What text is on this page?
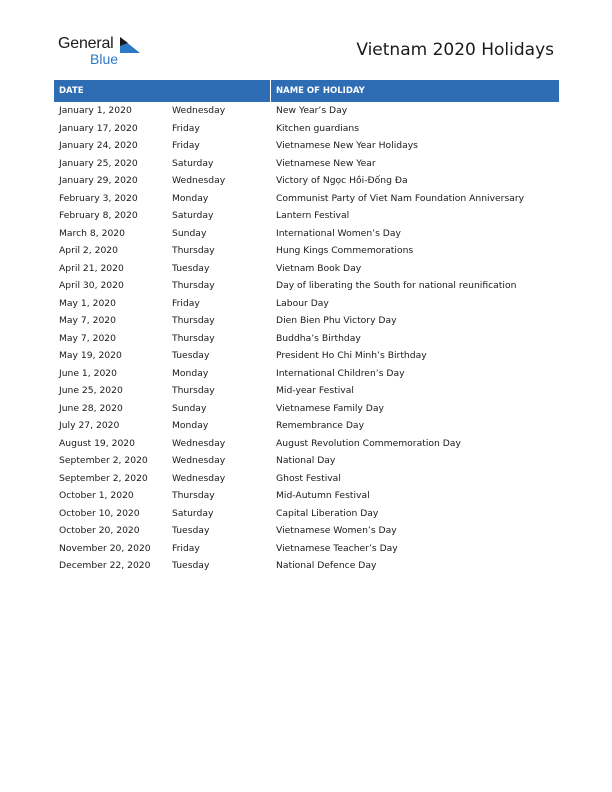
General
Blue	Vietnam 2020 Holidays
DATE	NAME OF HOLIDAY
January 1, 2020	Wednesday	New Year’s Day
January 17, 2020	Friday	Kitchen guardians
January 24, 2020	Friday	Vietnamese New Year Holidays
January 25, 2020	Saturday	Vietnamese New Year
January 29, 2020	Wednesday	Victory of Ngọc Hồi-Đống Đa
February 3, 2020	Monday	Communist Party of Viet Nam Foundation Anniversary
February 8, 2020	Saturday	Lantern Festival
March 8, 2020	Sunday	International Women’s Day
April 2, 2020	Thursday	Hung Kings Commemorations
April 21, 2020	Tuesday	Vietnam Book Day
April 30, 2020	Thursday	Day of liberating the South for national reunification
May 1, 2020	Friday	Labour Day
May 7, 2020	Thursday	Dien Bien Phu Victory Day
May 7, 2020	Thursday	Buddha’s Birthday
May 19, 2020	Tuesday	President Ho Chi Minh’s Birthday
June 1, 2020	Monday	International Children’s Day
June 25, 2020	Thursday	Mid-year Festival
June 28, 2020	Sunday	Vietnamese Family Day
July 27, 2020	Monday	Remembrance Day
August 19, 2020	Wednesday	August Revolution Commemoration Day
September 2, 2020	Wednesday	National Day
September 2, 2020	Wednesday	Ghost Festival
October 1, 2020	Thursday	Mid-Autumn Festival
October 10, 2020	Saturday	Capital Liberation Day
October 20, 2020	Tuesday	Vietnamese Women’s Day
November 20, 2020 Friday	Vietnamese Teacher’s Day
December 22, 2020 Tuesday	National Defence Day
